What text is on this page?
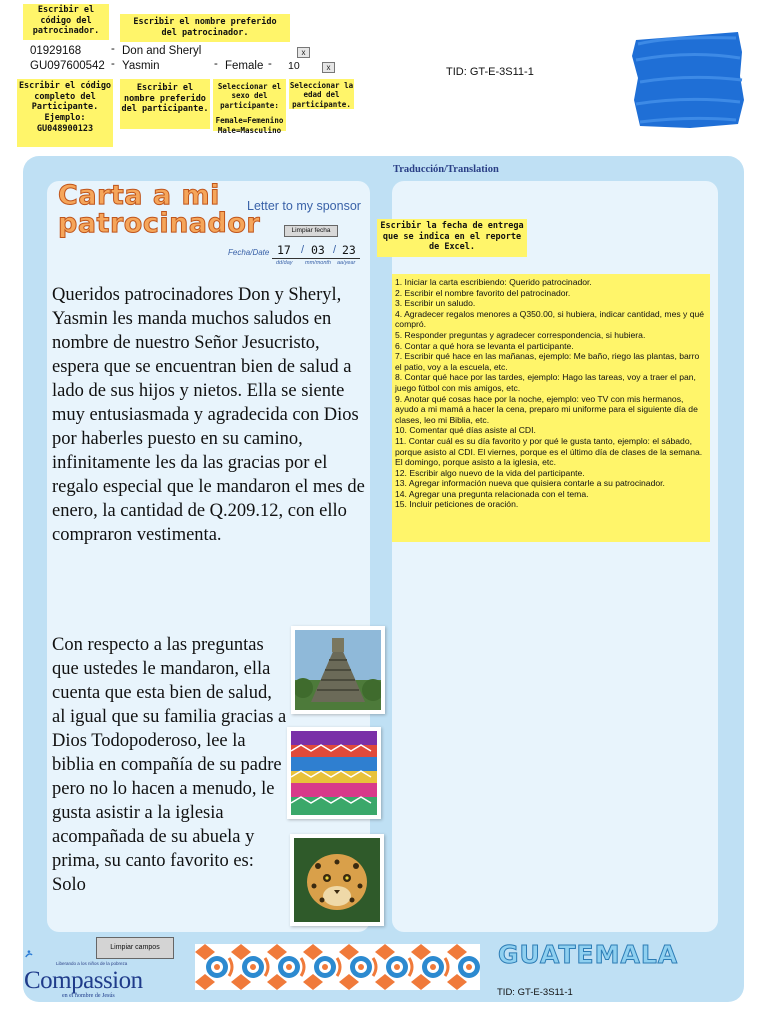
Escribir el código del patrocinador.
Escribir el nombre preferido del patrocinador.
01929168	- Don and Sheryl	x
GU097600542 - Yasmin	- Female - 10	x	TID: GT-E-3S11-1
Escribir el código completo del Participante. Ejemplo: GU048900123
Escribir el nombre preferido del participante.
Seleccionar el sexo del participante:
Female=Femenino Male=Masculino
Seleccionar la edad del participante.
Traducción/Translation
Carta a mi patrocinador
Letter to my sponsor
Limpiar fecha
Fecha/Date 17 / 03 / 23
dd/day mm/month aa/year
Escribir la fecha de entrega que se indica en el reporte de Excel.
Queridos patrocinadores Don y Sheryl, Yasmin les manda muchos saludos en nombre de nuestro Señor Jesucristo, espera que se encuentran bien de salud a lado de sus hijos y nietos. Ella se siente muy entusiasmada y agradecida con Dios por haberles puesto en su camino, infinitamente les da las gracias por el regalo especial que le mandaron el mes de enero, la cantidad de Q.209.12, con ello compraron vestimenta.
Con respecto a las preguntas que ustedes le mandaron, ella cuenta que esta bien de salud, al igual que su familia gracias a Dios Todopoderoso, lee la biblia en compañía de su padre pero no lo hacen a menudo, le gusta asistir a la iglesia acompañada de su abuela y prima, su canto favorito es: Solo
1. Iniciar la carta escribiendo: Querido patrocinador.
2. Escribir el nombre favorito del patrocinador.
3. Escribir un saludo.
4. Agradecer regalos menores a Q350.00, si hubiera, indicar cantidad, mes y qué compró.
5. Responder preguntas y agradecer correspondencia, si hubiera.
6. Contar a qué hora se levanta el participante.
7. Escribir qué hace en las mañanas, ejemplo: Me baño, riego las plantas, barro el patio, voy a la escuela, etc.
8. Contar qué hace por las tardes, ejemplo: Hago las tareas, voy a traer el pan, juego fútbol con mis amigos, etc.
9. Anotar qué cosas hace por la noche, ejemplo: veo TV con mis hermanos, ayudo a mi mamá a hacer la cena, preparo mi uniforme para el siguiente día de clases, leo mi Biblia, etc.
10. Comentar qué días asiste al CDI.
11. Contar cuál es su día favorito y por qué le gusta tanto, ejemplo: el sábado, porque asisto al CDI. El viernes, porque es el último día de clases de la semana. El domingo, porque asisto a la iglesia, etc.
12. Escribir algo nuevo de la vida del participante.
13. Agregar información nueva que quisiera contarle a su patrocinador.
14. Agregar una pregunta relacionada con el tema.
15. Incluir peticiones de oración.
Limpiar campos
Liberando a los niños de la pobreza
Compassion
en el nombre de Jesús
GUATEMALA
TID: GT-E-3S11-1
